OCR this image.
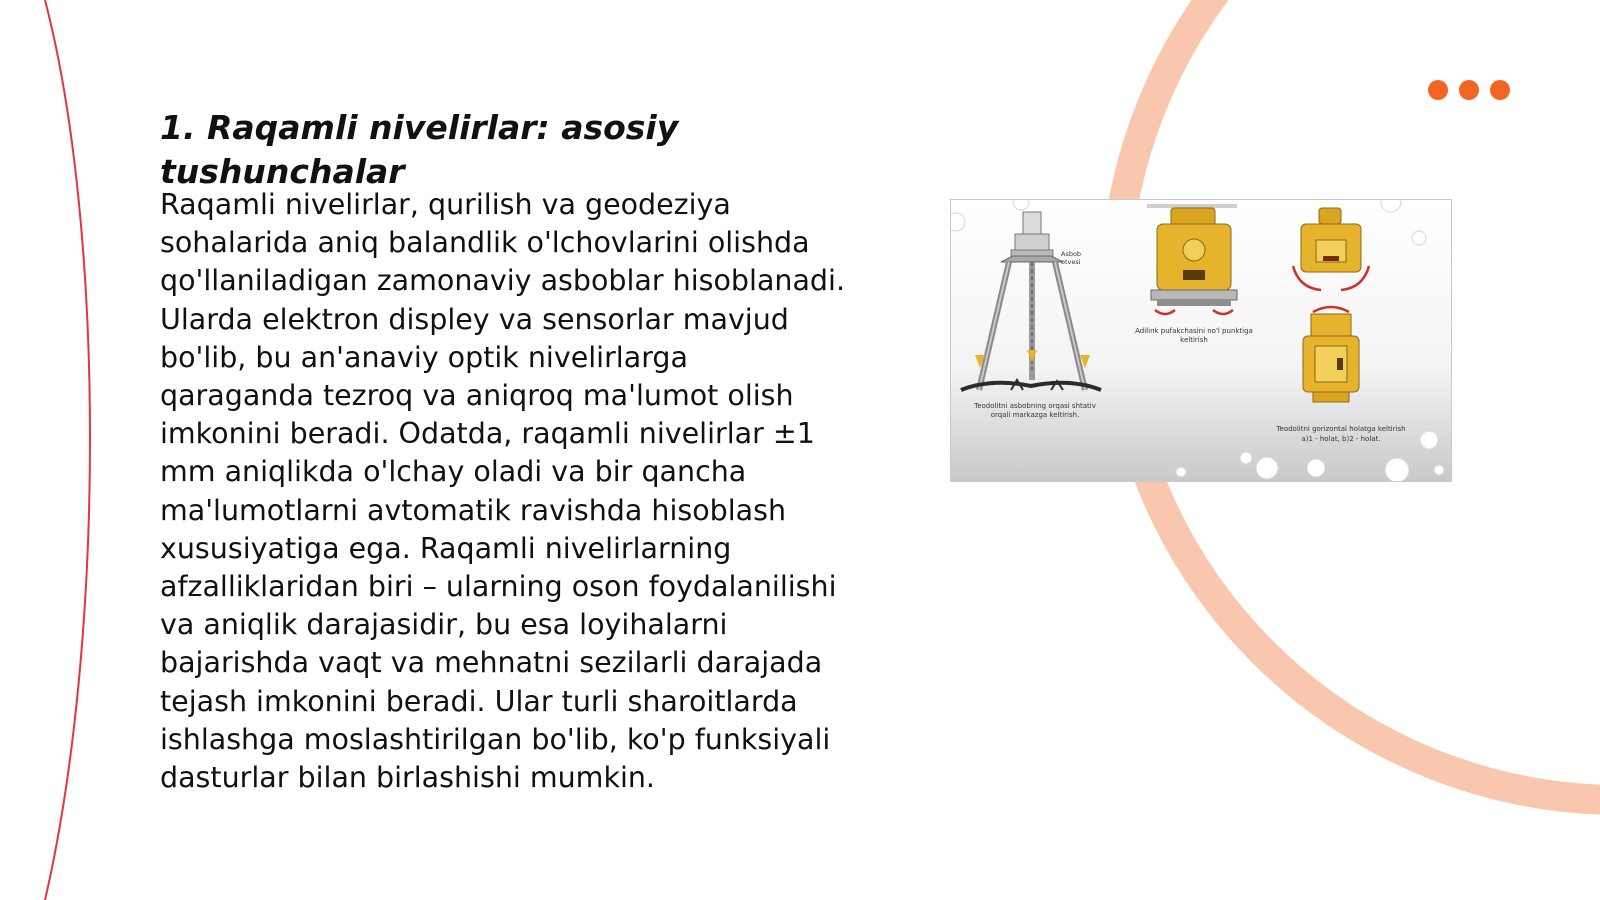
1. Raqamli nivelirlar: asosiy tushunchalar

Raqamli nivelirlar, qurilish va geodeziya sohalarida aniq balandlik o'lchovlarini olishda qo'llaniladigan zamonaviy asboblar hisoblanadi. Ularda elektron displey va sensorlar mavjud bo'lib, bu an'anaviy optik nivelirlarga qaraganda tezroq va aniqroq ma'lumot olish imkonini beradi. Odatda, raqamli nivelirlar ±1 mm aniqlikda o'lchay oladi va bir qancha ma'lumotlarni avtomatik ravishda hisoblash xususiyatiga ega. Raqamli nivelirlarning afzalliklaridan biri – ularning oson foydalanilishi va aniqlik darajasidir, bu esa loyihalarni bajarishda vaqt va mehnatni sezilarli darajada tejash imkonini beradi. Ular turli sharoitlarda ishlashga moslashtirilgan bo'lib, ko'p funksiyali dasturlar bilan birlashishi mumkin.

Asbob
otvesi
Teodolitni asbobning orqasi shtativ
orqali markazga keltirish.
Adilink pufakchasini no'l punktiga
keltirish
Teodolitni gorizontal holatga keltirish
a)1 - holat, b)2 - holat.
